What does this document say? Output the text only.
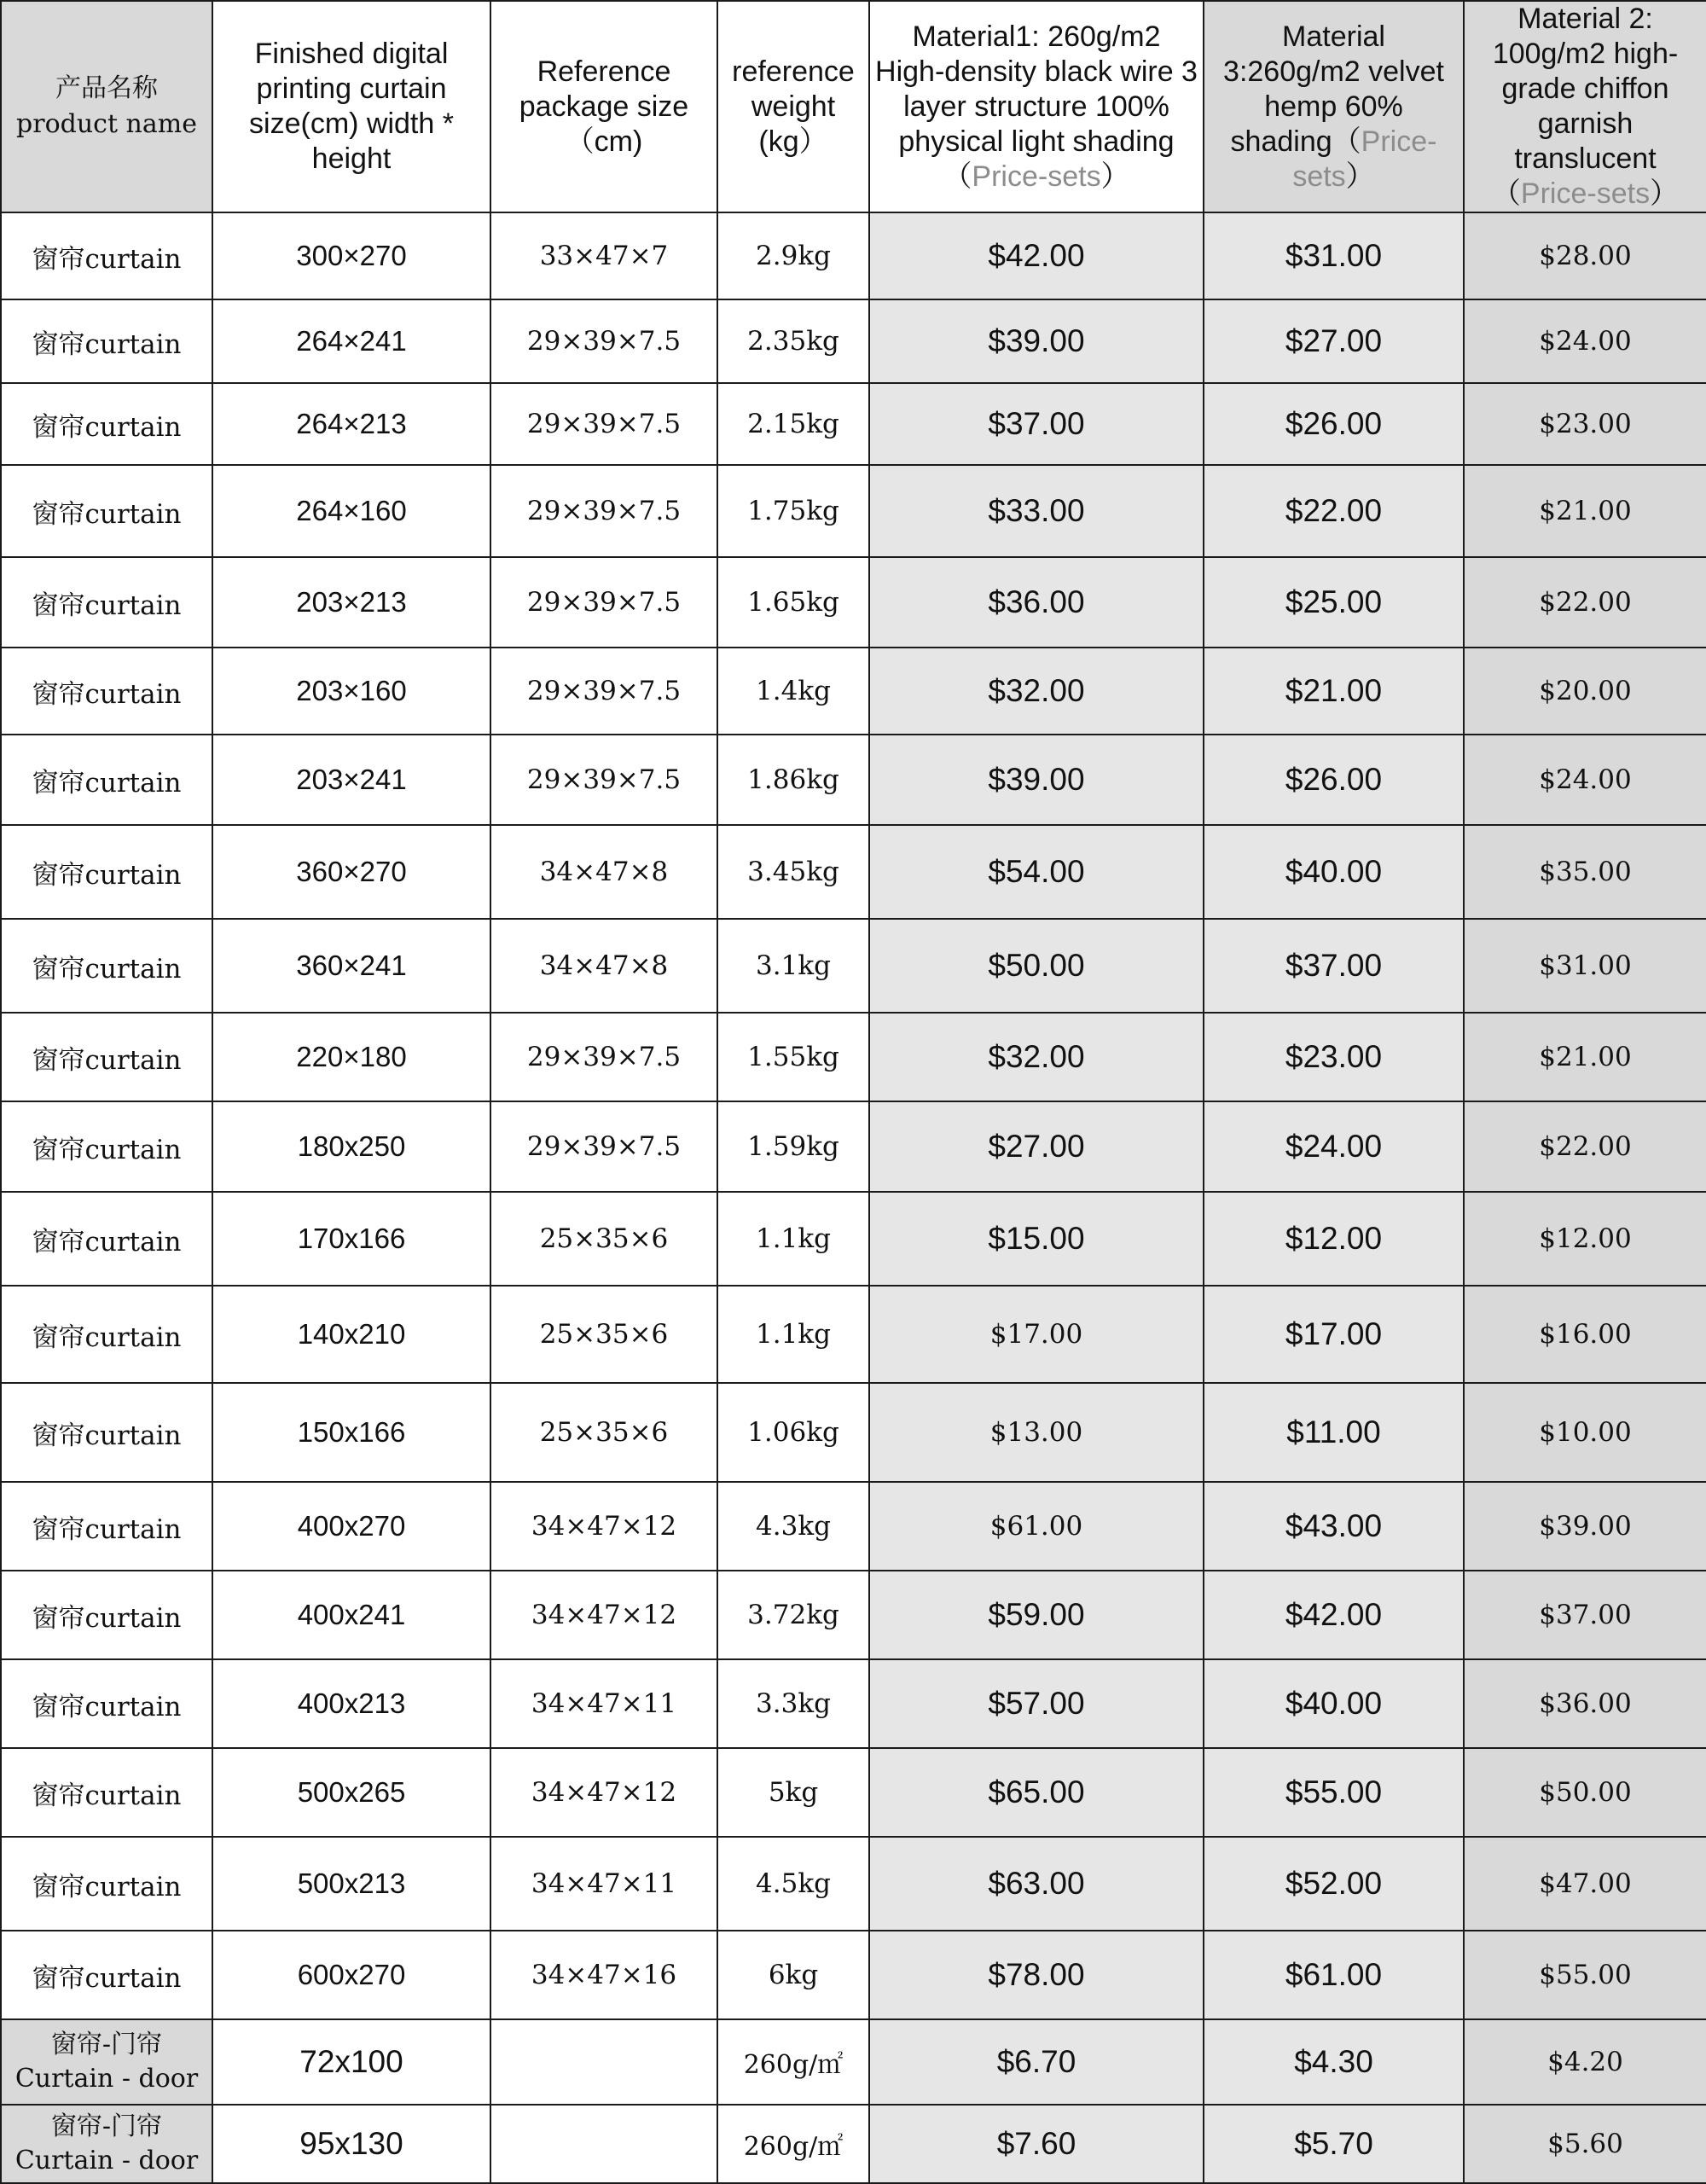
产品名称
product name	Finished digital printing curtain size(cm) width * height	Reference package size （cm)	reference weight (kg）	Material1: 260g/m2 High-density black wire 3 layer structure 100% physical light shading（Price-sets）	Material 3:260g/m2 velvet hemp 60% shading（Price-sets）	Material 2: 100g/m2 high-grade chiffon garnish translucent（Price-sets）
窗帘curtain	300×270	33×47×7	2.9kg	$42.00	$31.00	$28.00
窗帘curtain	264×241	29×39×7.5	2.35kg	$39.00	$27.00	$24.00
窗帘curtain	264×213	29×39×7.5	2.15kg	$37.00	$26.00	$23.00
窗帘curtain	264×160	29×39×7.5	1.75kg	$33.00	$22.00	$21.00
窗帘curtain	203×213	29×39×7.5	1.65kg	$36.00	$25.00	$22.00
窗帘curtain	203×160	29×39×7.5	1.4kg	$32.00	$21.00	$20.00
窗帘curtain	203×241	29×39×7.5	1.86kg	$39.00	$26.00	$24.00
窗帘curtain	360×270	34×47×8	3.45kg	$54.00	$40.00	$35.00
窗帘curtain	360×241	34×47×8	3.1kg	$50.00	$37.00	$31.00
窗帘curtain	220×180	29×39×7.5	1.55kg	$32.00	$23.00	$21.00
窗帘curtain	180x250	29×39×7.5	1.59kg	$27.00	$24.00	$22.00
窗帘curtain	170x166	25×35×6	1.1kg	$15.00	$12.00	$12.00
窗帘curtain	140x210	25×35×6	1.1kg	$17.00	$17.00	$16.00
窗帘curtain	150x166	25×35×6	1.06kg	$13.00	$11.00	$10.00
窗帘curtain	400x270	34×47×12	4.3kg	$61.00	$43.00	$39.00
窗帘curtain	400x241	34×47×12	3.72kg	$59.00	$42.00	$37.00
窗帘curtain	400x213	34×47×11	3.3kg	$57.00	$40.00	$36.00
窗帘curtain	500x265	34×47×12	5kg	$65.00	$55.00	$50.00
窗帘curtain	500x213	34×47×11	4.5kg	$63.00	$52.00	$47.00
窗帘curtain	600x270	34×47×16	6kg	$78.00	$61.00	$55.00

窗帘-门帘
Curtain - door	72x100		260g/㎡	$6.70	$4.30	$4.20

窗帘-门帘
Curtain - door	95x130		260g/㎡	$7.60	$5.70	$5.60
